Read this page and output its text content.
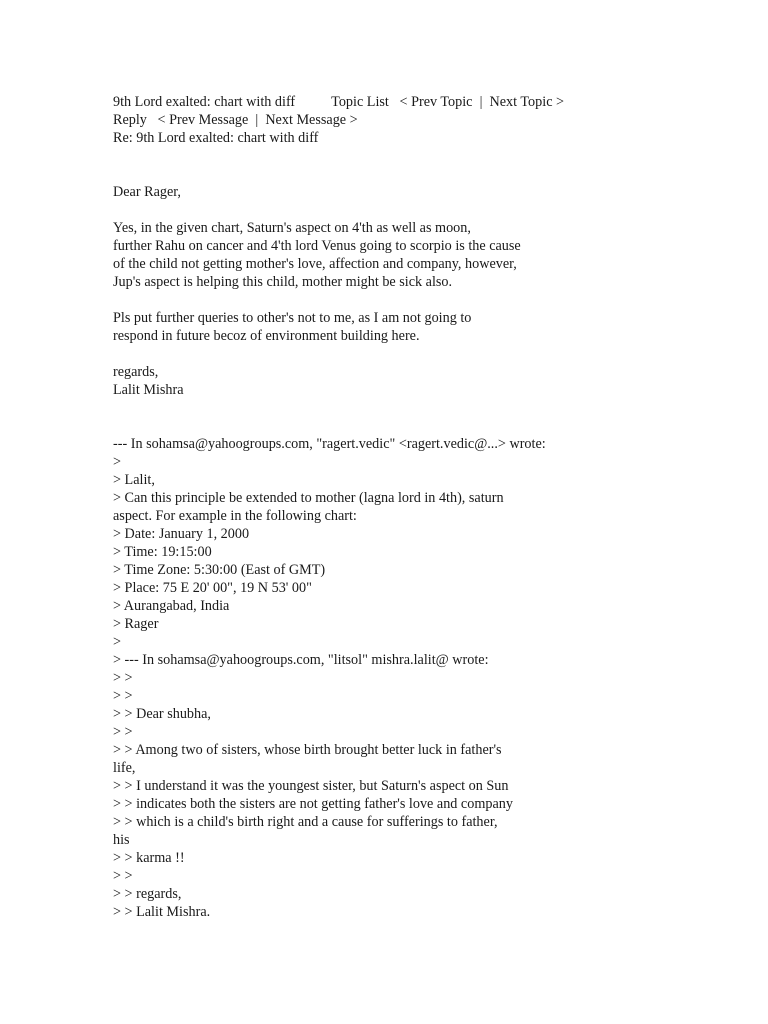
9th Lord exalted: chart with diff	Topic List < Prev Topic | Next Topic >
Reply < Prev Message | Next Message >
Re: 9th Lord exalted: chart with diff
Dear Rager,
Yes, in the given chart, Saturn's aspect on 4'th as well as moon,
further Rahu on cancer and 4'th lord Venus going to scorpio is the cause
of the child not getting mother's love, affection and company, however,
Jup's aspect is helping this child, mother might be sick also.
Pls put further queries to other's not to me, as I am not going to
respond in future becoz of environment building here.
regards,
Lalit Mishra
--- In sohamsa@yahoogroups.com, "ragert.vedic" <ragert.vedic@...> wrote:
>
> Lalit,
> Can this principle be extended to mother (lagna lord in 4th), saturn
aspect. For example in the following chart:
> Date: January 1, 2000
> Time: 19:15:00
> Time Zone: 5:30:00 (East of GMT)
> Place: 75 E 20' 00", 19 N 53' 00"
> Aurangabad, India
> Rager
>
> --- In sohamsa@yahoogroups.com, "litsol" mishra.lalit@ wrote:
> >
> >
> > Dear shubha,
> >
> > Among two of sisters, whose birth brought better luck in father's
life,
> > I understand it was the youngest sister, but Saturn's aspect on Sun
> > indicates both the sisters are not getting father's love and company
> > which is a child's birth right and a cause for sufferings to father,
his
> > karma !!
> >
> > regards,
> > Lalit Mishra.
